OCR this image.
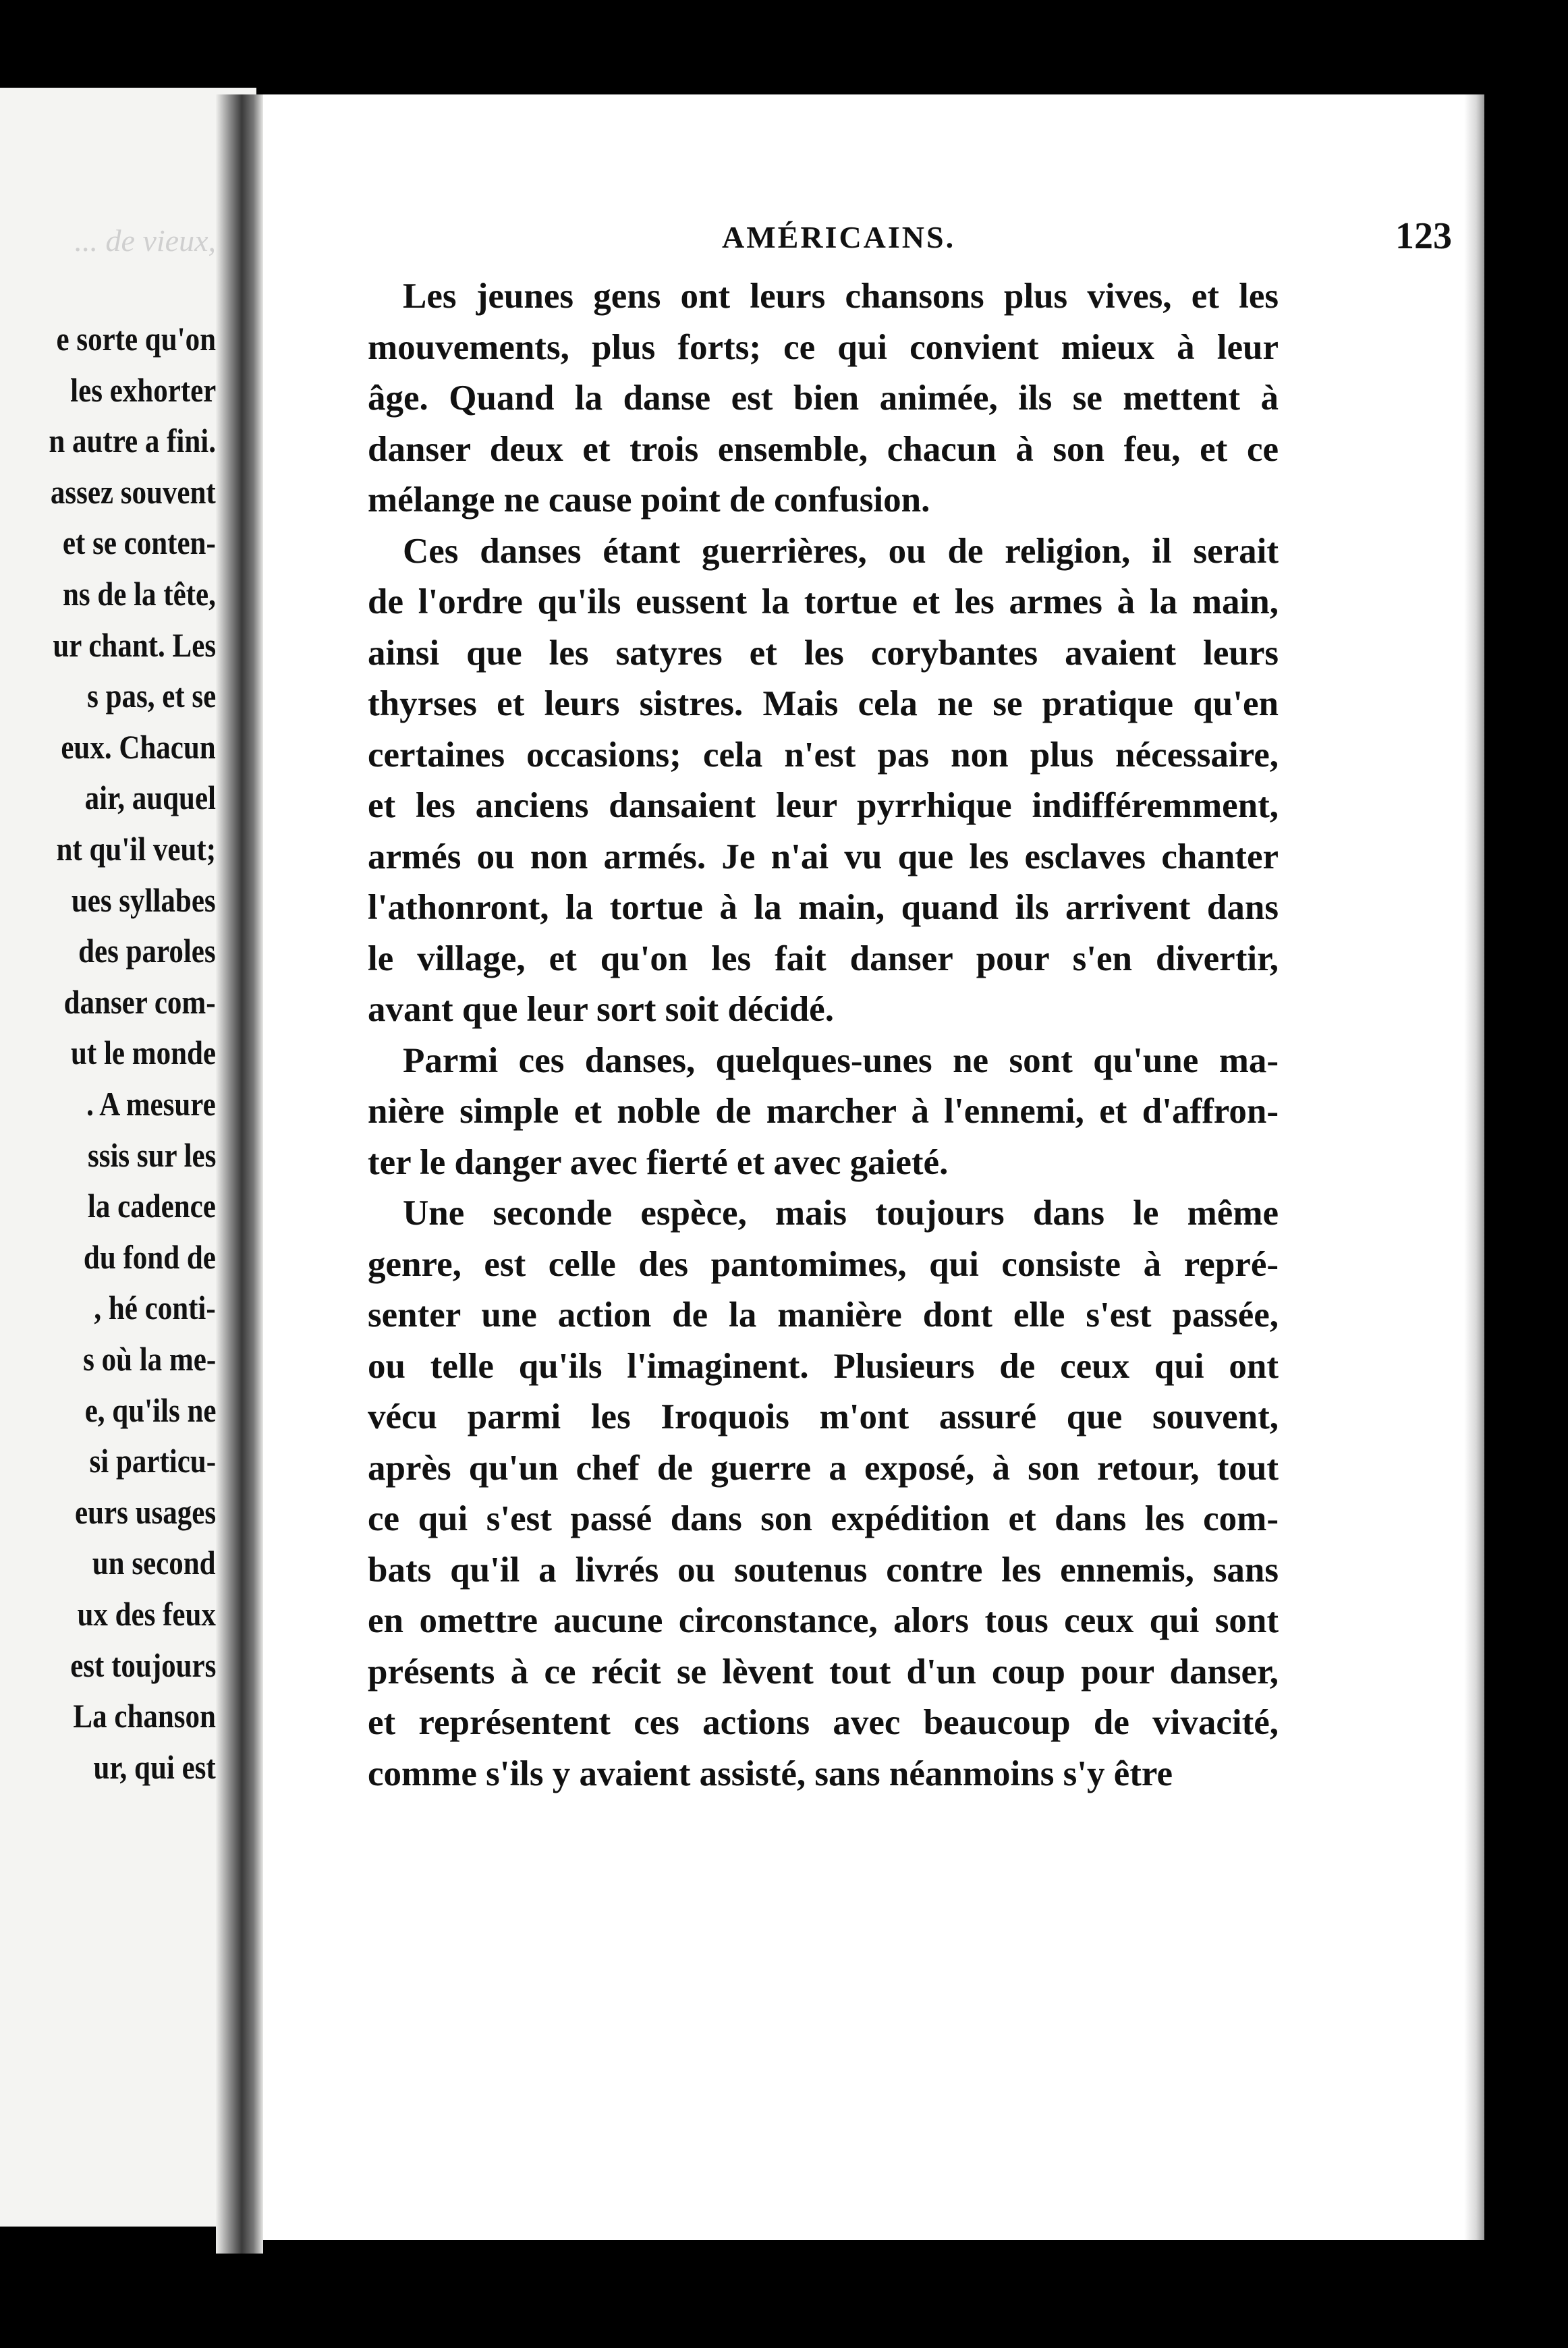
... de vieux,
e sorte qu'on
les exhorter
n autre a fini.
assez souvent
et se conten-
ns de la tête,
ur chant. Les
s pas, et se
eux. Chacun
air, auquel
nt qu'il veut;
ues syllabes
des paroles
danser com-
ut le monde
. A mesure
ssis sur les
la cadence
du fond de
, hé conti-
s où la me-
e, qu'ils ne
si particu-
eurs usages
un second
ux des feux
est toujours
La chanson
ur, qui est
AMÉRICAINS.	123

Les jeunes gens ont leurs chansons plus vives, et les
mouvements, plus forts; ce qui convient mieux à leur
âge. Quand la danse est bien animée, ils se mettent à
danser deux et trois ensemble, chacun à son feu, et ce
mélange ne cause point de confusion.

Ces danses étant guerrières, ou de religion, il serait
de l'ordre qu'ils eussent la tortue et les armes à la main,
ainsi que les satyres et les corybantes avaient leurs
thyrses et leurs sistres. Mais cela ne se pratique qu'en
certaines occasions; cela n'est pas non plus nécessaire,
et les anciens dansaient leur pyrrhique indifféremment,
armés ou non armés. Je n'ai vu que les esclaves chanter
l'athonront, la tortue à la main, quand ils arrivent dans
le village, et qu'on les fait danser pour s'en divertir,
avant que leur sort soit décidé.

Parmi ces danses, quelques-unes ne sont qu'une ma-
nière simple et noble de marcher à l'ennemi, et d'affron-
ter le danger avec fierté et avec gaieté.

Une seconde espèce, mais toujours dans le même
genre, est celle des pantomimes, qui consiste à repré-
senter une action de la manière dont elle s'est passée,
ou telle qu'ils l'imaginent. Plusieurs de ceux qui ont
vécu parmi les Iroquois m'ont assuré que souvent,
après qu'un chef de guerre a exposé, à son retour, tout
ce qui s'est passé dans son expédition et dans les com-
bats qu'il a livrés ou soutenus contre les ennemis, sans
en omettre aucune circonstance, alors tous ceux qui sont
présents à ce récit se lèvent tout d'un coup pour danser,
et représentent ces actions avec beaucoup de vivacité,
comme s'ils y avaient assisté, sans néanmoins s'y être
